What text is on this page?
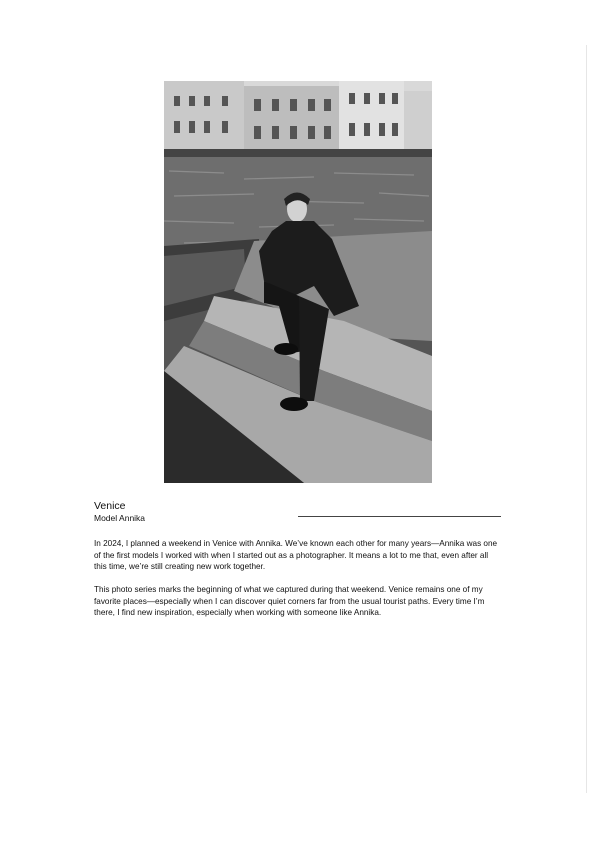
Venice
Model Annika

In 2024, I planned a weekend in Venice with Annika. We’ve known each other for many years—Annika was one of the first models I worked with when I started out as a photographer. It means a lot to me that, even after all this time, we’re still creating new work together.

This photo series marks the beginning of what we captured during that weekend. Venice remains one of my favorite places—especially when I can discover quiet corners far from the usual tourist paths. Every time I’m there, I find new inspiration, especially when working with someone like Annika.
